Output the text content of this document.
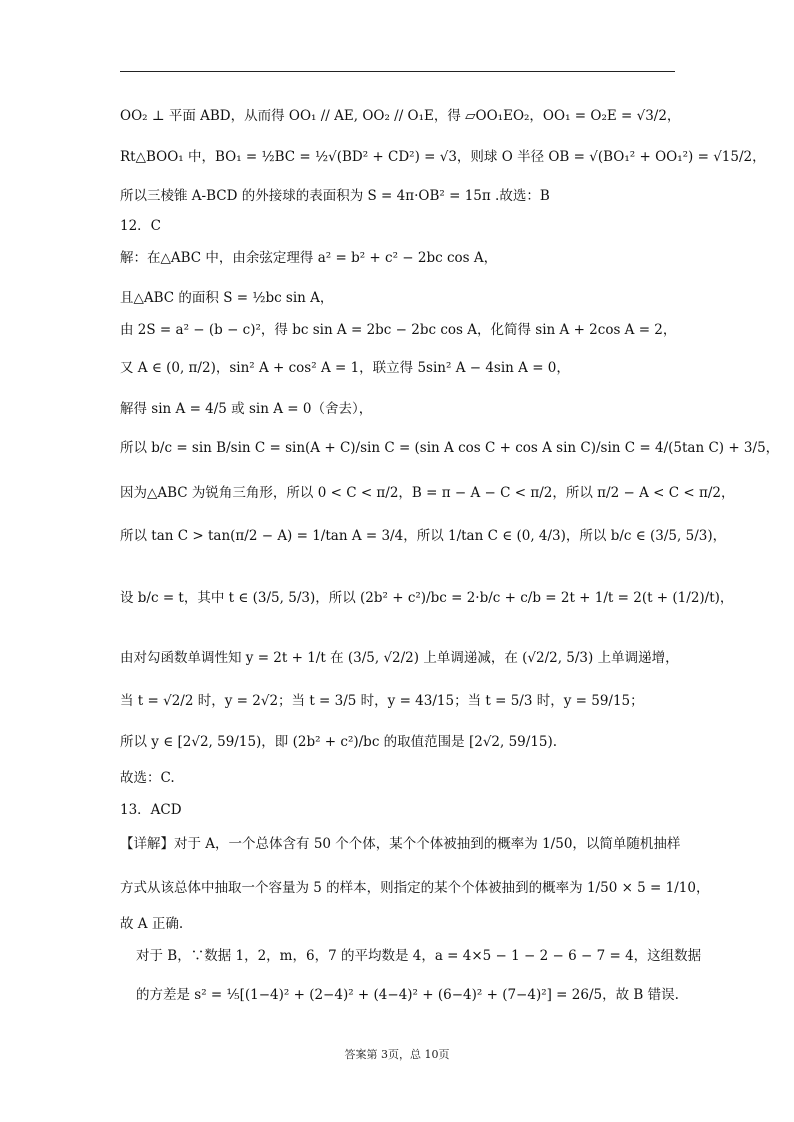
OO₂ ⊥ 平面 ABD，从而得 OO₁ // AE, OO₂ // O₁E，得 ▱OO₁EO₂，OO₁ = O₂E = √3/2，
Rt△BOO₁ 中，BO₁ = ½BC = ½√(BD² + CD²) = √3，则球 O 半径 OB = √(BO₁² + OO₁²) = √15/2，
所以三棱锥 A-BCD 的外接球的表面积为 S = 4π·OB² = 15π .故选：B
12．C
解：在△ABC 中，由余弦定理得 a² = b² + c² − 2bc cos A，
且△ABC 的面积 S = ½bc sin A，
由 2S = a² − (b − c)²，得 bc sin A = 2bc − 2bc cos A，化简得 sin A + 2cos A = 2，
又 A ∈ (0, π/2)，sin² A + cos² A = 1，联立得 5sin² A − 4sin A = 0，
解得 sin A = 4/5 或 sin A = 0（舍去），
所以 b/c = sin B/sin C = sin(A + C)/sin C = (sin A cos C + cos A sin C)/sin C = 4/(5tan C) + 3/5，
因为△ABC 为锐角三角形，所以 0 < C < π/2，B = π − A − C < π/2，所以 π/2 − A < C < π/2，
所以 tan C > tan(π/2 − A) = 1/tan A = 3/4，所以 1/tan C ∈ (0, 4/3)，所以 b/c ∈ (3/5, 5/3)，
设 b/c = t，其中 t ∈ (3/5, 5/3)，所以 (2b² + c²)/bc = 2·b/c + c/b = 2t + 1/t = 2(t + (1/2)/t)，
由对勾函数单调性知 y = 2t + 1/t 在 (3/5, √2/2) 上单调递减，在 (√2/2, 5/3) 上单调递增，
当 t = √2/2 时，y = 2√2；当 t = 3/5 时，y = 43/15；当 t = 5/3 时，y = 59/15；
所以 y ∈ [2√2, 59/15)，即 (2b² + c²)/bc 的取值范围是 [2√2, 59/15).
故选：C.
13．ACD
【详解】对于 A，一个总体含有 50 个个体，某个个体被抽到的概率为 1/50，以简单随机抽样
方式从该总体中抽取一个容量为 5 的样本，则指定的某个个体被抽到的概率为 1/50 × 5 = 1/10，
故 A 正确.
对于 B，∵数据 1，2，m，6，7 的平均数是 4，a = 4×5 − 1 − 2 − 6 − 7 = 4，这组数据
的方差是 s² = ⅕[(1−4)² + (2−4)² + (4−4)² + (6−4)² + (7−4)²] = 26/5，故 B 错误.
答案第 3页，总 10页
